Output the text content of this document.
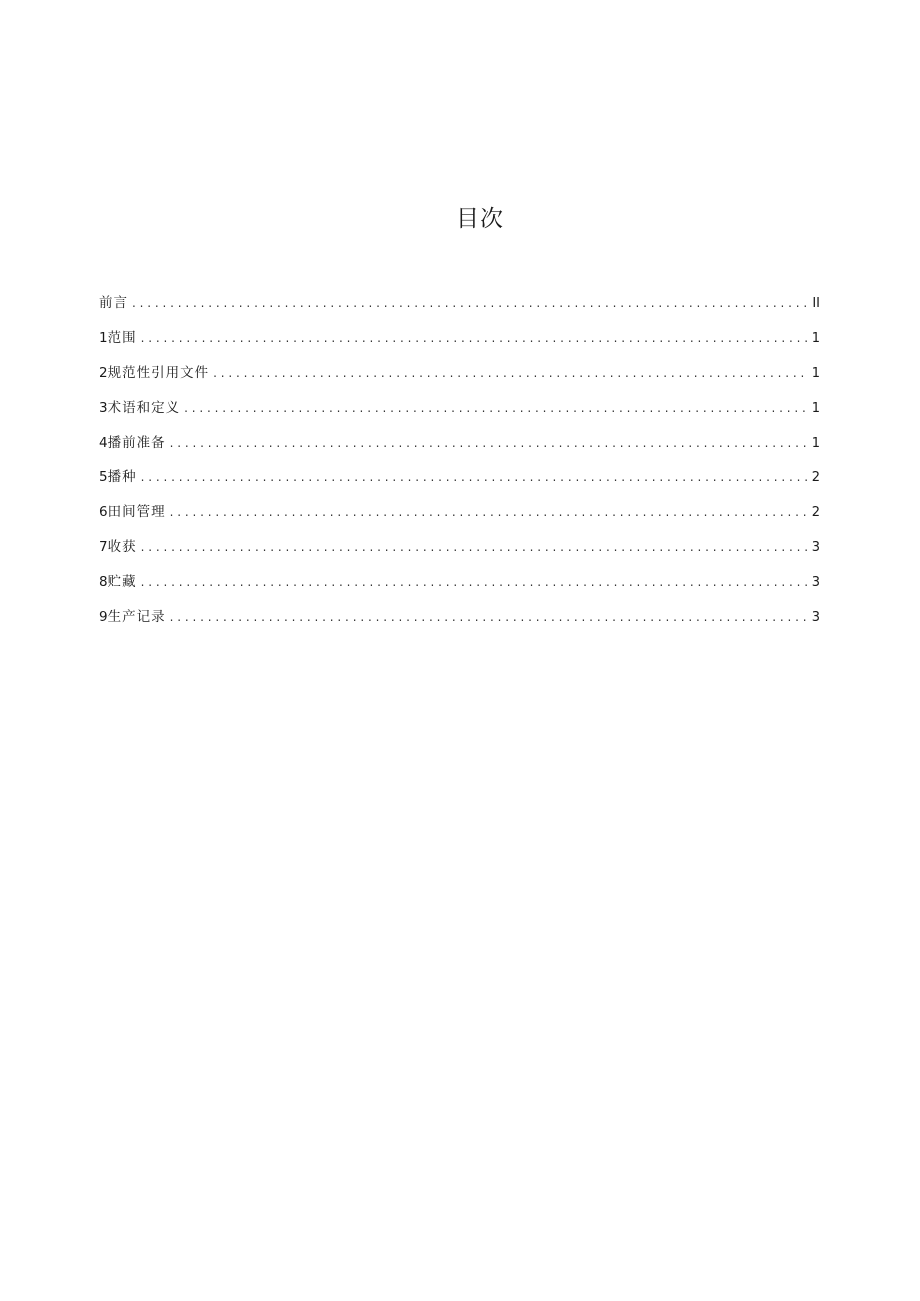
目次
前言 . . .	II
1 范围 . . .	1
2 规范性引用文件 . . .	1
3 术语和定义 . . .	1
4 播前准备 . . .	1
5 播种 . . .	2
6 田间管理 . . .	2
7 收获 . . .	3
8 贮藏 . . .	3
9 生产记录 . . .	3
